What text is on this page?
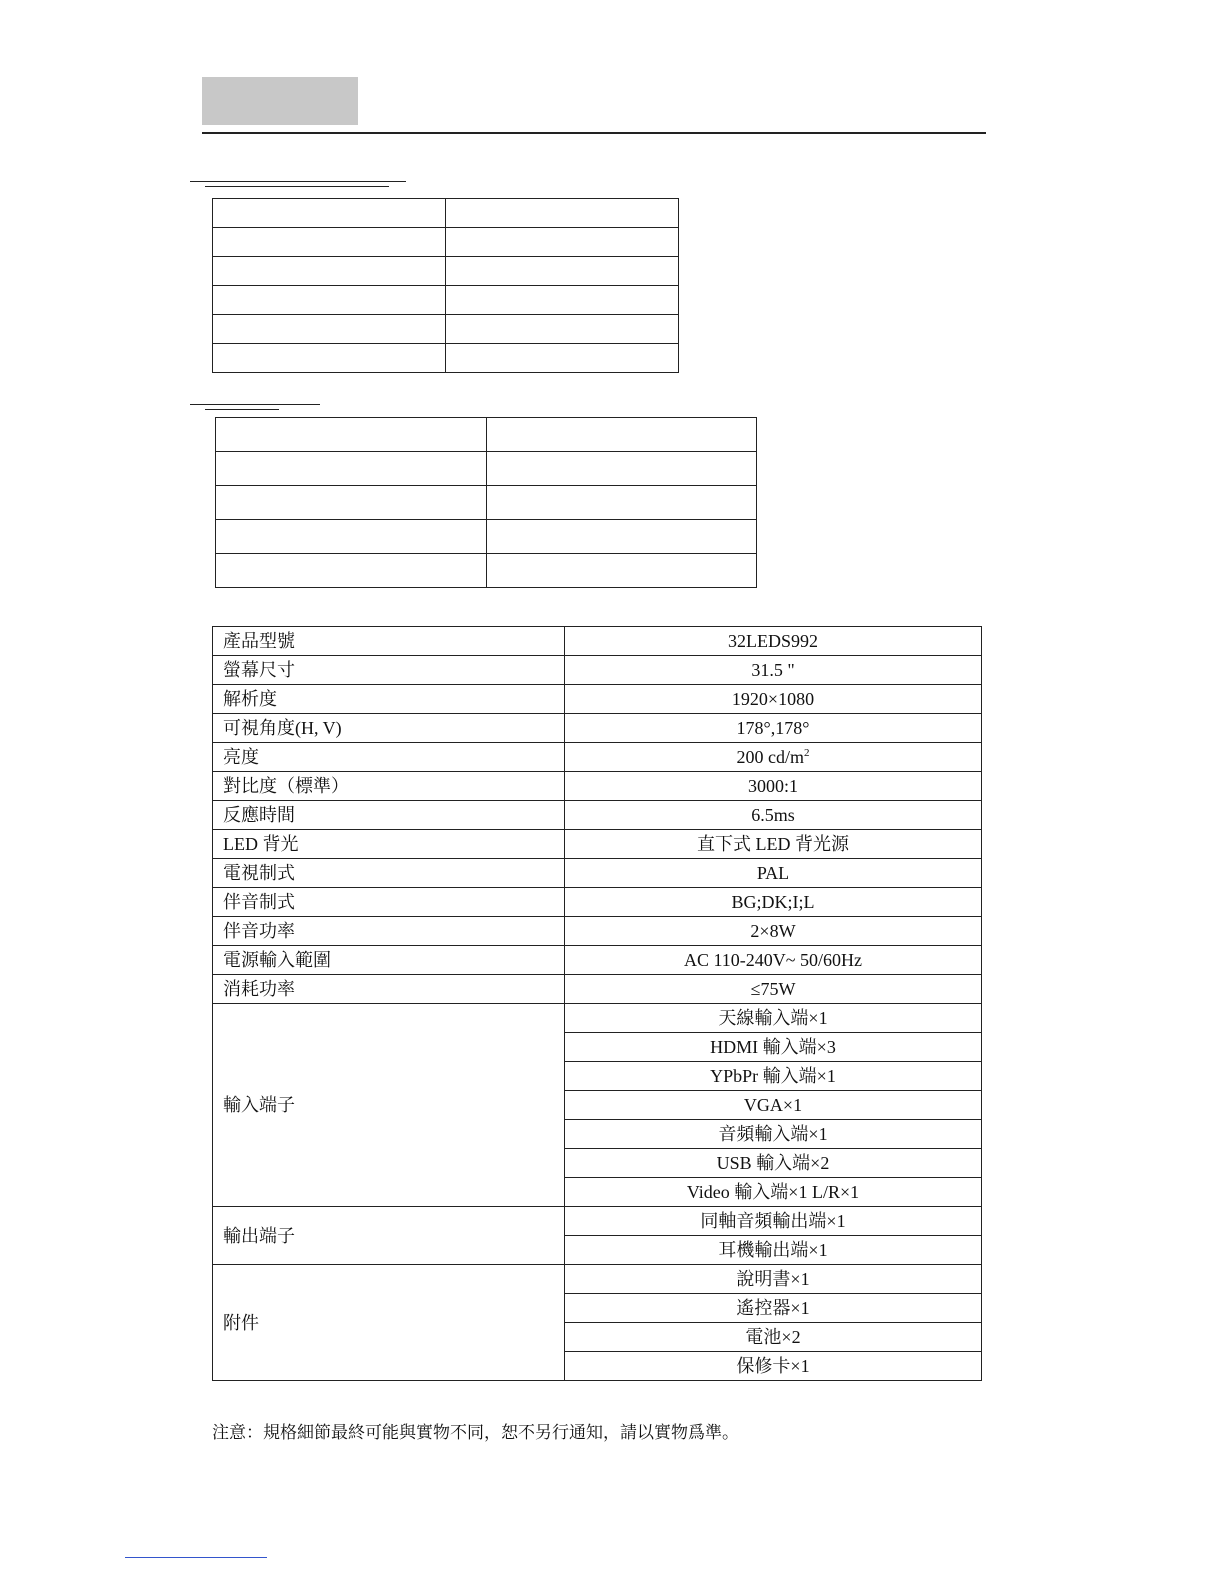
產品型號	32LEDS992
螢幕尺寸	31.5 "
解析度	1920×1080
可視角度(H, V)	178°,178°
亮度	200 $cd/m^2$
對比度（標準）	3000:1
反應時間	6.5ms
LED 背光	直下式 LED 背光源
電視制式	PAL
伴音制式	BG;DK;I;L
伴音功率	2×8W
電源輸入範圍	AC 110-240V~ 50/60Hz
消耗功率	≤75W
輸入端子	天線輸入端×1
	HDMI 輸入端×3
	YPbPr 輸入端×1
	VGA×1
	音頻輸入端×1
	USB 輸入端×2
	Video 輸入端×1 L/R×1
輸出端子	同軸音頻輸出端×1
	耳機輸出端×1
附件	說明書×1
	遙控器×1
	電池×2
	保修卡×1
注意：規格細節最終可能與實物不同，恕不另行通知，請以實物爲準。
